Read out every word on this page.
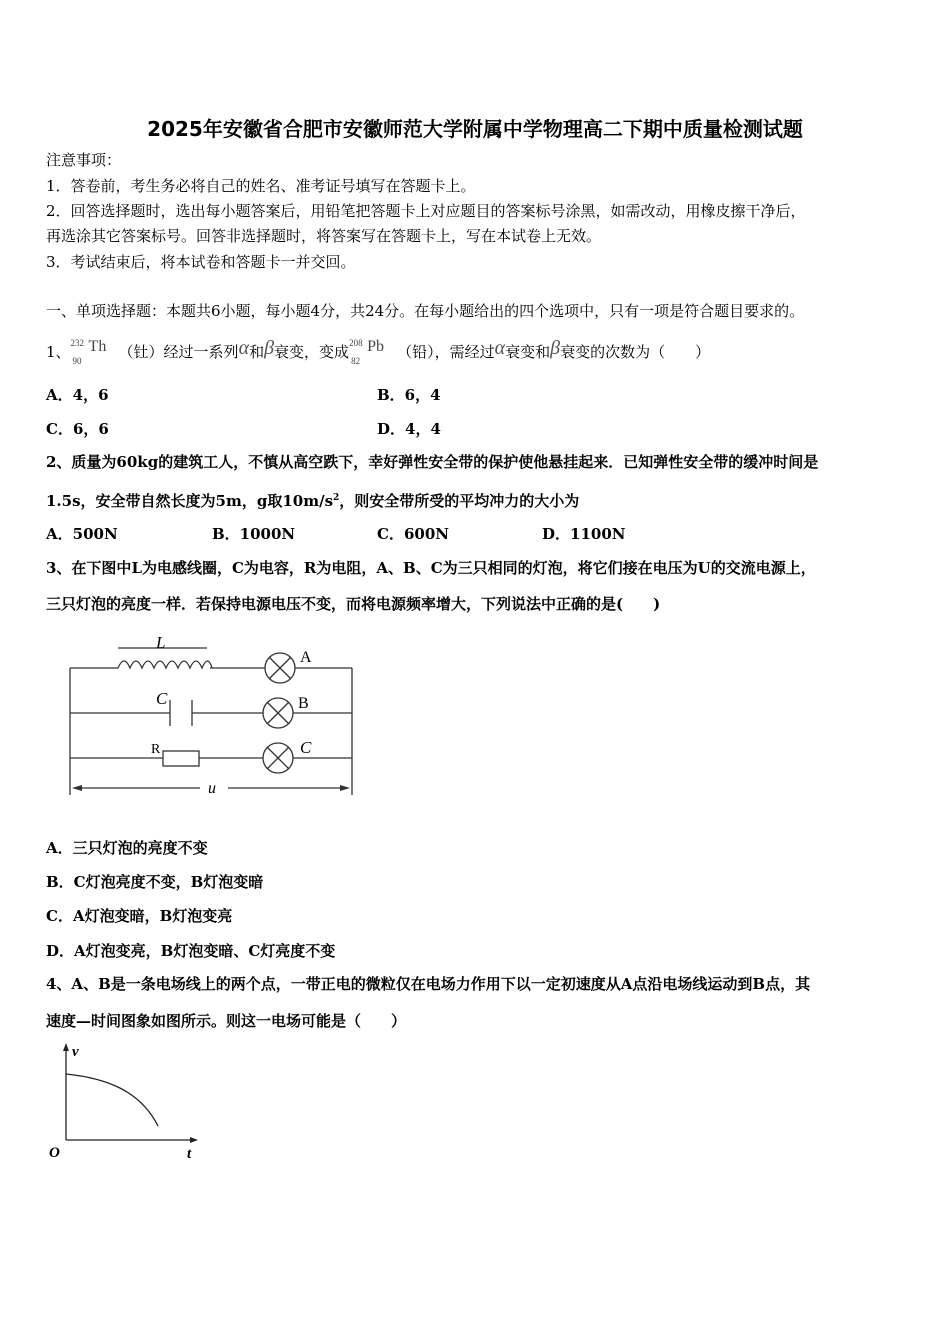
2025年安徽省合肥市安徽师范大学附属中学物理高二下期中质量检测试题
注意事项：
1．答卷前，考生务必将自己的姓名、准考证号填写在答题卡上。
2．回答选择题时，选出每小题答案后，用铅笔把答题卡上对应题目的答案标号涂黑，如需改动，用橡皮擦干净后，
再选涂其它答案标号。回答非选择题时，将答案写在答题卡上，写在本试卷上无效。
3．考试结束后，将本试卷和答题卡一并交回。
一、单项选择题：本题共6小题，每小题4分，共24分。在每小题给出的四个选项中，只有一项是符合题目要求的。
1、 232
90
Th （钍）经过一系列α和β衰变，变成 208
82
Pb （铅），需经过α衰变和β衰变的次数为（　　）
A．4，6	B．6，4
C．6，6	D．4，4
2、质量为60kg的建筑工人，不慎从高空跌下，幸好弹性安全带的保护使他悬挂起来．已知弹性安全带的缓冲时间是
1.5s，安全带自然长度为5m，g取$10m/s^2$，则安全带所受的平均冲力的大小为
A．500N	B．1000N	C．600N	D．1100N
3、在下图中L为电感线圈，C为电容，R为电阻，A、B、C为三只相同的灯泡，将它们接在电压为U的交流电源上，
三只灯泡的亮度一样．若保持电源电压不变，而将电源频率增大，下列说法中正确的是(　　)
L
A
C	B
R	C
u
A．三只灯泡的亮度不变
B．C灯泡亮度不变，B灯泡变暗
C．A灯泡变暗，B灯泡变亮
D．A灯泡变亮，B灯泡变暗、C灯亮度不变
4、A、B是一条电场线上的两个点，一带正电的微粒仅在电场力作用下以一定初速度从A点沿电场线运动到B点，其
速度—时间图象如图所示。则这一电场可能是（　　）
v
O	t
